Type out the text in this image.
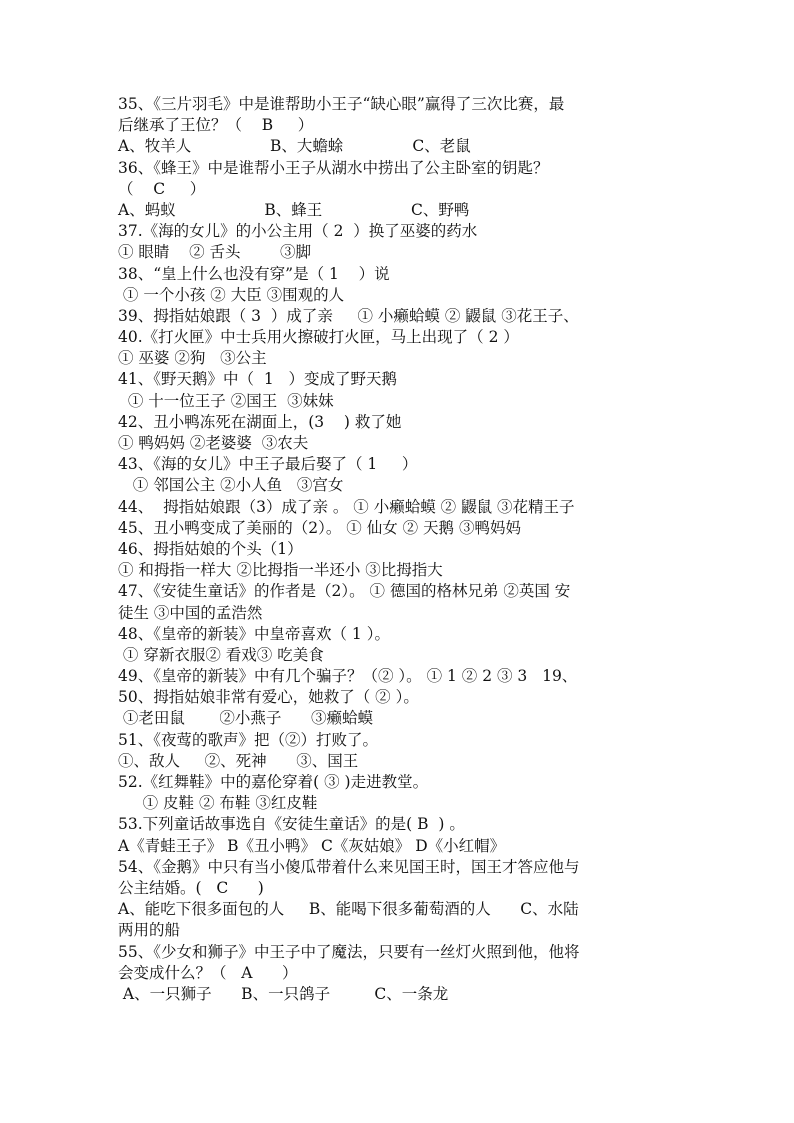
35、《三片羽毛》中是谁帮助小王子“缺心眼”赢得了三次比赛，最
后继承了王位？（    B     ）
A、牧羊人                B、大蟾蜍              C、老鼠
36、《蜂王》中是谁帮小王子从湖水中捞出了公主卧室的钥匙？
（    C     ）
A、蚂蚁                  B、蜂王                  C、野鸭
37.《海的女儿》的小公主用（ 2  ）换了巫婆的药水
① 眼睛    ② 舌头        ③脚
38、“皇上什么也没有穿”是（ 1    ）说
① 一个小孩 ② 大臣 ③围观的人
39、拇指姑娘跟（ 3  ）成了亲     ① 小癞蛤蟆 ② 鼹鼠 ③花王子、
40.《打火匣》中士兵用火擦破打火匣，马上出现了（ 2 ）
① 巫婆 ②狗   ③公主
41、《野天鹅》中（  1   ）变成了野天鹅
① 十一位王子 ②国王  ③妹妹
42、丑小鸭冻死在湖面上，(3    ) 救了她
① 鸭妈妈 ②老婆婆  ③农夫
43、《海的女儿》中王子最后娶了（ 1     ）
① 邻国公主 ②小人鱼   ③宫女
44、  拇指姑娘跟（3）成了亲 。 ① 小癞蛤蟆 ② 鼹鼠 ③花精王子
45、丑小鸭变成了美丽的（2）。 ① 仙女 ② 天鹅 ③鸭妈妈
46、拇指姑娘的个头（1）
① 和拇指一样大 ②比拇指一半还小 ③比拇指大
47、《安徒生童话》的作者是（2）。 ① 德国的格林兄弟 ②英国 安
徒生 ③中国的孟浩然
48、《皇帝的新装》中皇帝喜欢（ 1 ）。
① 穿新衣服② 看戏③ 吃美食
49、《皇帝的新装》中有几个骗子？（② ）。 ① 1 ② 2 ③ 3   19、
50、拇指姑娘非常有爱心，她救了（ ② ）。
①老田鼠       ②小燕子      ③癞蛤蟆
51、《夜莺的歌声》把（②）打败了。
①、敌人     ②、死神      ③、国王
52.《红舞鞋》中的嘉伦穿着( ③ )走进教堂。
① 皮鞋 ② 布鞋 ③红皮鞋
53.下列童话故事选自《安徒生童话》的是( B  ) 。
A《青蛙王子》 B《丑小鸭》 C《灰姑娘》 D《小红帽》
54、《金鹅》中只有当小傻瓜带着什么来见国王时，国王才答应他与
公主结婚。(   C      )
A、能吃下很多面包的人     B、能喝下很多葡萄酒的人      C、水陆
两用的船
55、《少女和狮子》中王子中了魔法，只要有一丝灯火照到他，他将
会变成什么？（   A      ）
A、一只狮子      B、一只鸽子         C、一条龙
